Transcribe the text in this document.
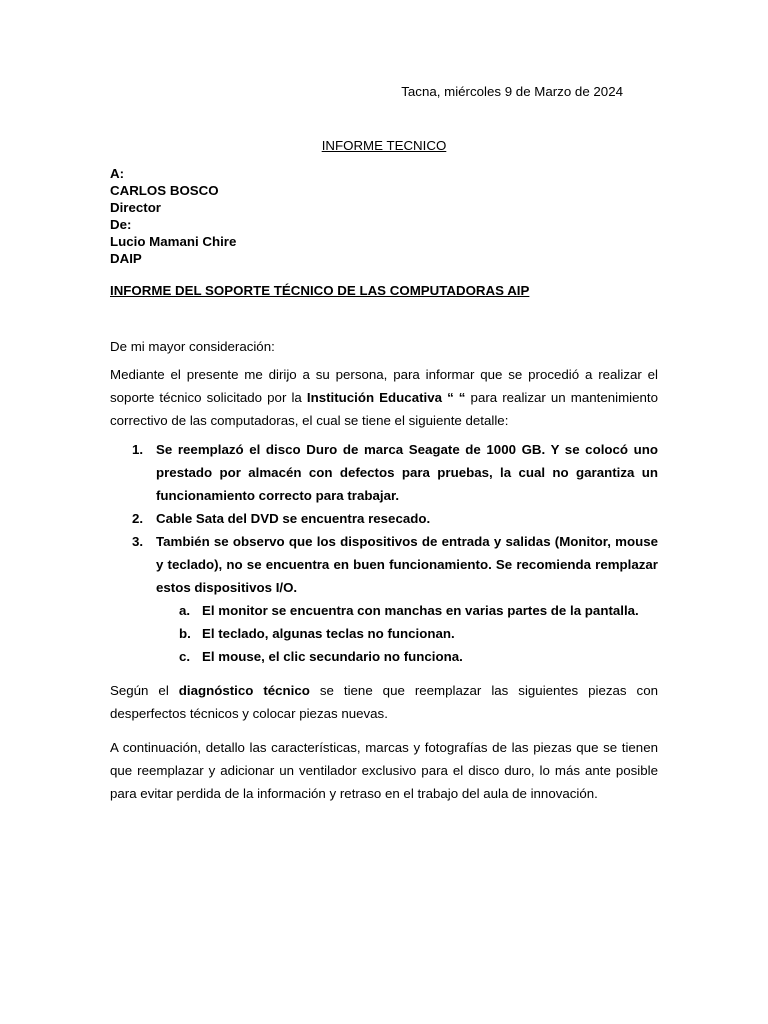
Tacna, miércoles 9 de Marzo de 2024
INFORME TECNICO
A:
CARLOS BOSCO
Director
De:
Lucio Mamani Chire
DAIP
INFORME DEL SOPORTE TÉCNICO DE LAS COMPUTADORAS AIP

De mi mayor consideración:

Mediante el presente me dirijo a su persona, para informar que se procedió a realizar el soporte técnico solicitado por la Institución Educativa “ “ para realizar un mantenimiento correctivo de las computadoras, el cual se tiene el siguiente detalle:

1. Se reemplazó el disco Duro de marca Seagate de 1000 GB. Y se colocó uno prestado por almacén con defectos para pruebas, la cual no garantiza un funcionamiento correcto para trabajar.
2. Cable Sata del DVD se encuentra resecado.
3. También se observo que los dispositivos de entrada y salidas (Monitor, mouse y teclado), no se encuentra en buen funcionamiento. Se recomienda remplazar estos dispositivos I/O.
a. El monitor se encuentra con manchas en varias partes de la pantalla.
b. El teclado, algunas teclas no funcionan.
c. El mouse, el clic secundario no funciona.

Según el diagnóstico técnico se tiene que reemplazar las siguientes piezas con desperfectos técnicos y colocar piezas nuevas.

A continuación, detallo las características, marcas y fotografías de las piezas que se tienen que reemplazar y adicionar un ventilador exclusivo para el disco duro, lo más ante posible para evitar perdida de la información y retraso en el trabajo del aula de innovación.
